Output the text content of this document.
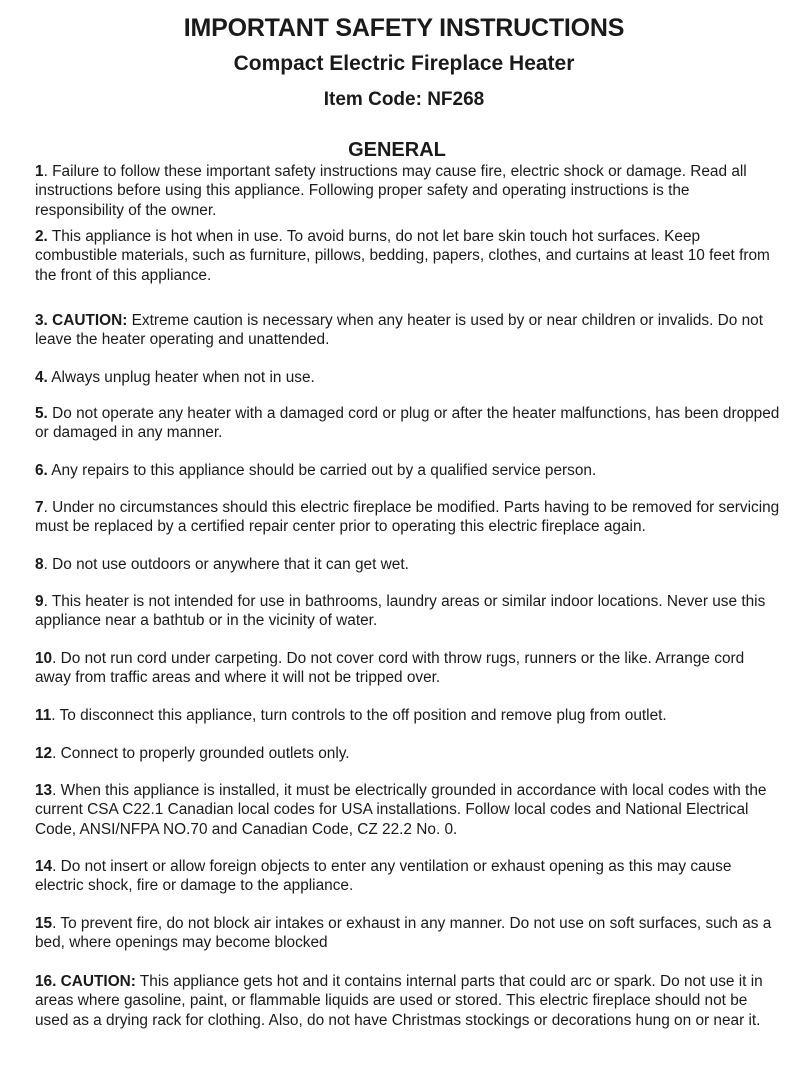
IMPORTANT SAFETY INSTRUCTIONS
Compact Electric Fireplace Heater
Item Code: NF268
GENERAL
1. Failure to follow these important safety instructions may cause fire, electric shock or damage. Read all instructions before using this appliance. Following proper safety and operating instructions is the responsibility of the owner.
2. This appliance is hot when in use. To avoid burns, do not let bare skin touch hot surfaces. Keep combustible materials, such as furniture, pillows, bedding, papers, clothes, and curtains at least 10 feet from the front of this appliance.
3. CAUTION: Extreme caution is necessary when any heater is used by or near children or invalids. Do not leave the heater operating and unattended.
4. Always unplug heater when not in use.
5. Do not operate any heater with a damaged cord or plug or after the heater malfunctions, has been dropped or damaged in any manner.
6. Any repairs to this appliance should be carried out by a qualified service person.
7. Under no circumstances should this electric fireplace be modified. Parts having to be removed for servicing must be replaced by a certified repair center prior to operating this electric fireplace again.
8. Do not use outdoors or anywhere that it can get wet.
9. This heater is not intended for use in bathrooms, laundry areas or similar indoor locations. Never use this appliance near a bathtub or in the vicinity of water.
10. Do not run cord under carpeting. Do not cover cord with throw rugs, runners or the like. Arrange cord away from traffic areas and where it will not be tripped over.
11. To disconnect this appliance, turn controls to the off position and remove plug from outlet.
12. Connect to properly grounded outlets only.
13. When this appliance is installed, it must be electrically grounded in accordance with local codes with the current CSA C22.1 Canadian local codes for USA installations. Follow local codes and National Electrical Code, ANSI/NFPA NO.70 and Canadian Code, CZ 22.2 No. 0.
14. Do not insert or allow foreign objects to enter any ventilation or exhaust opening as this may cause electric shock, fire or damage to the appliance.
15. To prevent fire, do not block air intakes or exhaust in any manner. Do not use on soft surfaces, such as a bed, where openings may become blocked
16. CAUTION: This appliance gets hot and it contains internal parts that could arc or spark. Do not use it in areas where gasoline, paint, or flammable liquids are used or stored. This electric fireplace should not be used as a drying rack for clothing. Also, do not have Christmas stockings or decorations hung on or near it.
